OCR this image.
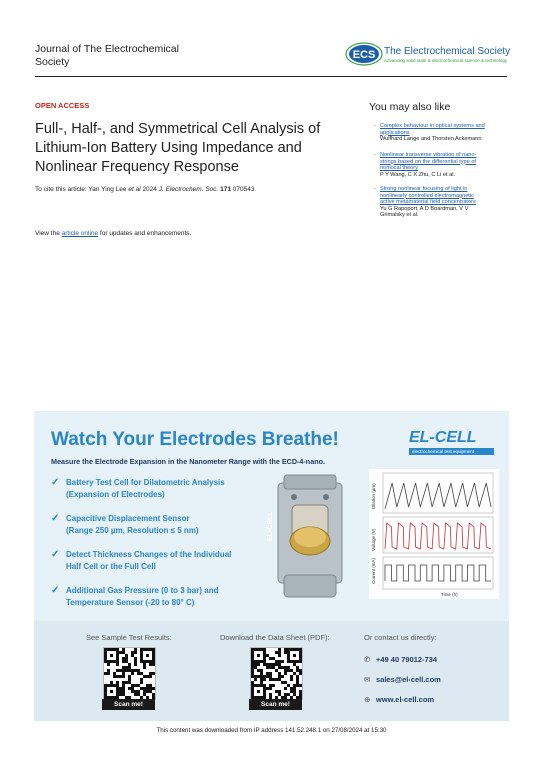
Journal of The Electrochemical
Society
ECS The Electrochemical Society
Advancing solid state & electrochemical science & technology
OPEN ACCESS
Full-, Half-, and Symmetrical Cell Analysis of
Lithium-Ion Battery Using Impedance and
Nonlinear Frequency Response
To cite this article: Yan Ying Lee et al 2024 J. Electrochem. Soc. 171 070543
View the article online for updates and enhancements.
You may also like
- Complex behaviour in optical systems and
applications
Wulfhard Lange and Thorsten Ackemann
- Nonlinear transverse vibration of nano-
strings based on the differential type of
nonlocal theory
P Y Wang, C X Zhu, C Li et al.
- Strong nonlinear focusing of light in
nonlinearly controlled electromagnetic
active metamaterial field concentrators
Yu G Rapoport, A D Boardman, V V
Grimalsky et al.
Watch Your Electrodes Breathe!
Measure the Electrode Expansion in the Nanometer Range with the ECD-4-nano.
EL-CELL
electrochemical test equipment
✓ Battery Test Cell for Dilatometric Analysis
(Expansion of Electrodes)
✓ Capacitive Displacement Sensor
(Range 250 µm, Resolution ≤ 5 nm)
✓ Detect Thickness Changes of the Individual
Half Cell or the Full Cell
✓ Additional Gas Pressure (0 to 3 bar) and
Temperature Sensor (-20 to 80° C)
EL-CELL
Dilation (µm)
Voltage (V)
Current (mA)
Time (h)
See Sample Test Results:	Download the Data Sheet (PDF):	Or contact us directly:
Scan me!	Scan me!
✆ +49 40 79012-734
✉ sales@el-cell.com
⊕ www.el-cell.com
This content was downloaded from IP address 141.52.248.1 on 27/08/2024 at 15:30
